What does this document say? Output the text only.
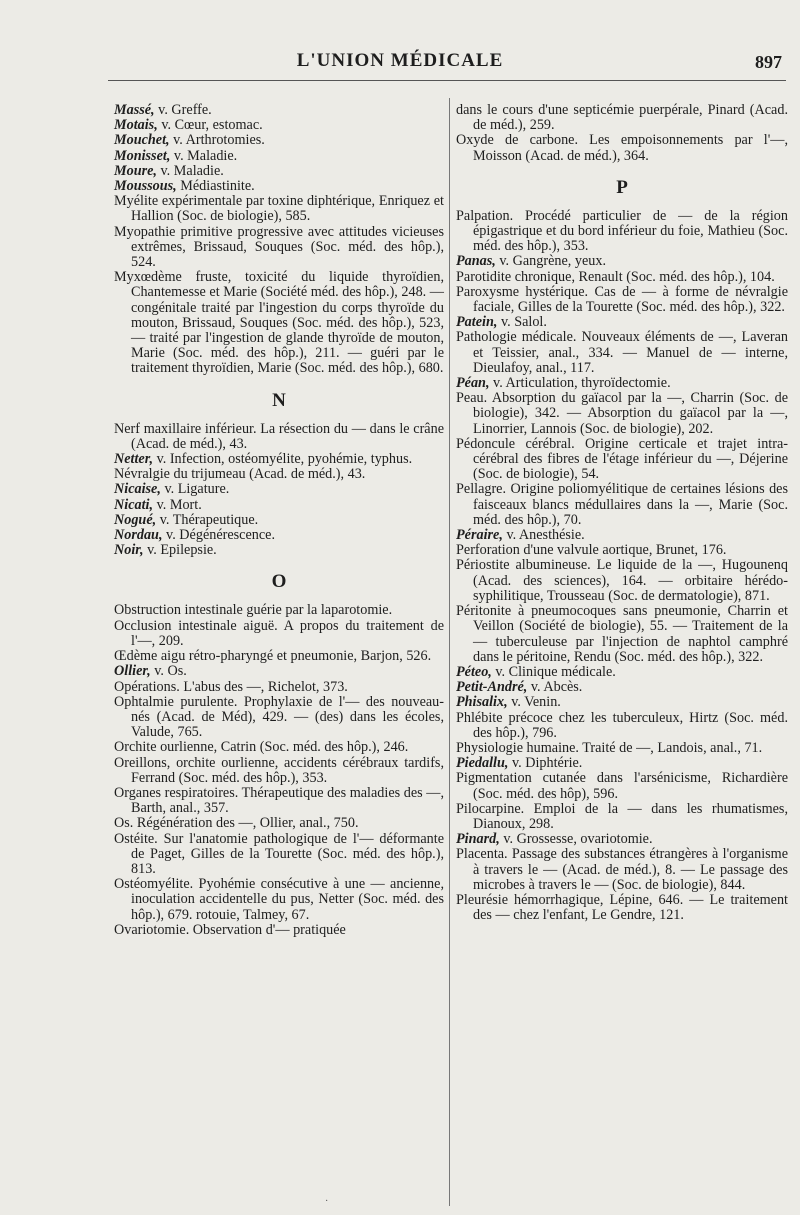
L'UNION MÉDICALE	897

Massé, v. Greffe.

Motais, v. Cœur, estomac.

Mouchet, v. Arthrotomies.

Monisset, v. Maladie.

Moure, v. Maladie.

Moussous, Médiastinite.

Myélite expérimentale par toxine diphtérique, Enriquez et Hallion (Soc. de biologie), 585.

Myopathie primitive progressive avec attitudes vicieuses extrêmes, Brissaud, Souques (Soc. méd. des hôp.), 524.

Myxœdème fruste, toxicité du liquide thyroïdien, Chantemesse et Marie (Société méd. des hôp.), 248. — congénitale traité par l'ingestion du corps thyroïde du mouton, Brissaud, Souques (Soc. méd. des hôp.), 523, — traité par l'ingestion de glande thyroïde de mouton, Marie (Soc. méd. des hôp.), 211. — guéri par le traitement thyroïdien, Marie (Soc. méd. des hôp.), 680.

N

Nerf maxillaire inférieur. La résection du — dans le crâne (Acad. de méd.), 43.

Netter, v. Infection, ostéomyélite, pyohémie, typhus.

Névralgie du trijumeau (Acad. de méd.), 43.

Nicaise, v. Ligature.

Nicati, v. Mort.

Nogué, v. Thérapeutique.

Nordau, v. Dégénérescence.

Noir, v. Epilepsie.

O

Obstruction intestinale guérie par la laparotomie.

Occlusion intestinale aiguë. A propos du traitement de l'—, 209.

Œdème aigu rétro-pharyngé et pneumonie, Barjon, 526.

Ollier, v. Os.

Opérations. L'abus des —, Richelot, 373.

Ophtalmie purulente. Prophylaxie de l'— des nouveau-nés (Acad. de Méd), 429. — (des) dans les écoles, Valude, 765.

Orchite ourlienne, Catrin (Soc. méd. des hôp.), 246.

Oreillons, orchite ourlienne, accidents cérébraux tardifs, Ferrand (Soc. méd. des hôp.), 353.

Organes respiratoires. Thérapeutique des maladies des —, Barth, anal., 357.

Os. Régénération des —, Ollier, anal., 750.

Ostéite. Sur l'anatomie pathologique de l'— déformante de Paget, Gilles de la Tourette (Soc. méd. des hôp.), 813.

Ostéomyélite. Pyohémie consécutive à une — ancienne, inoculation accidentelle du pus, Netter (Soc. méd. des hôp.), 679. rotouie, Talmey, 67.

Ovariotomie. Observation d'— pratiquée

dans le cours d'une septicémie puerpérale, Pinard (Acad. de méd.), 259.

Oxyde de carbone. Les empoisonnements par l'—, Moisson (Acad. de méd.), 364.

P

Palpation. Procédé particulier de — de la région épigastrique et du bord inférieur du foie, Mathieu (Soc. méd. des hôp.), 353.

Panas, v. Gangrène, yeux.

Parotidite chronique, Renault (Soc. méd. des hôp.), 104.

Paroxysme hystérique. Cas de — à forme de névralgie faciale, Gilles de la Tourette (Soc. méd. des hôp.), 322.

Patein, v. Salol.

Pathologie médicale. Nouveaux éléments de —, Laveran et Teissier, anal., 334. — Manuel de — interne, Dieulafoy, anal., 117.

Péan, v. Articulation, thyroïdectomie.

Peau. Absorption du gaïacol par la —, Charrin (Soc. de biologie), 342. — Absorption du gaïacol par la —, Linorrier, Lannois (Soc. de biologie), 202.

Pédoncule cérébral. Origine certicale et trajet intra-cérébral des fibres de l'étage inférieur du —, Déjerine (Soc. de biologie), 54.

Pellagre. Origine poliomyélitique de certaines lésions des faisceaux blancs médullaires dans la —, Marie (Soc. méd. des hôp.), 70.

Péraire, v. Anesthésie.

Perforation d'une valvule aortique, Brunet, 176.

Périostite albumineuse. Le liquide de la —, Hugounenq (Acad. des sciences), 164. — orbitaire hérédo-syphilitique, Trousseau (Soc. de dermatologie), 871.

Péritonite à pneumocoques sans pneumonie, Charrin et Veillon (Société de biologie), 55. — Traitement de la — tuberculeuse par l'injection de naphtol camphré dans le péritoine, Rendu (Soc. méd. des hôp.), 322.

Péteo, v. Clinique médicale.

Petit-André, v. Abcès.

Phisalix, v. Venin.

Phlébite précoce chez les tuberculeux, Hirtz (Soc. méd. des hôp.), 796.

Physiologie humaine. Traité de —, Landois, anal., 71.

Piedallu, v. Diphtérie.

Pigmentation cutanée dans l'arsénicisme, Richardière (Soc. méd. des hôp), 596.

Pilocarpine. Emploi de la — dans les rhumatismes, Dianoux, 298.

Pinard, v. Grossesse, ovariotomie.

Placenta. Passage des substances étrangères à l'organisme à travers le — (Acad. de méd.), 8. — Le passage des microbes à travers le — (Soc. de biologie), 844.

Pleurésie hémorrhagique, Lépine, 646. — Le traitement des — chez l'enfant, Le Gendre, 121.

·
